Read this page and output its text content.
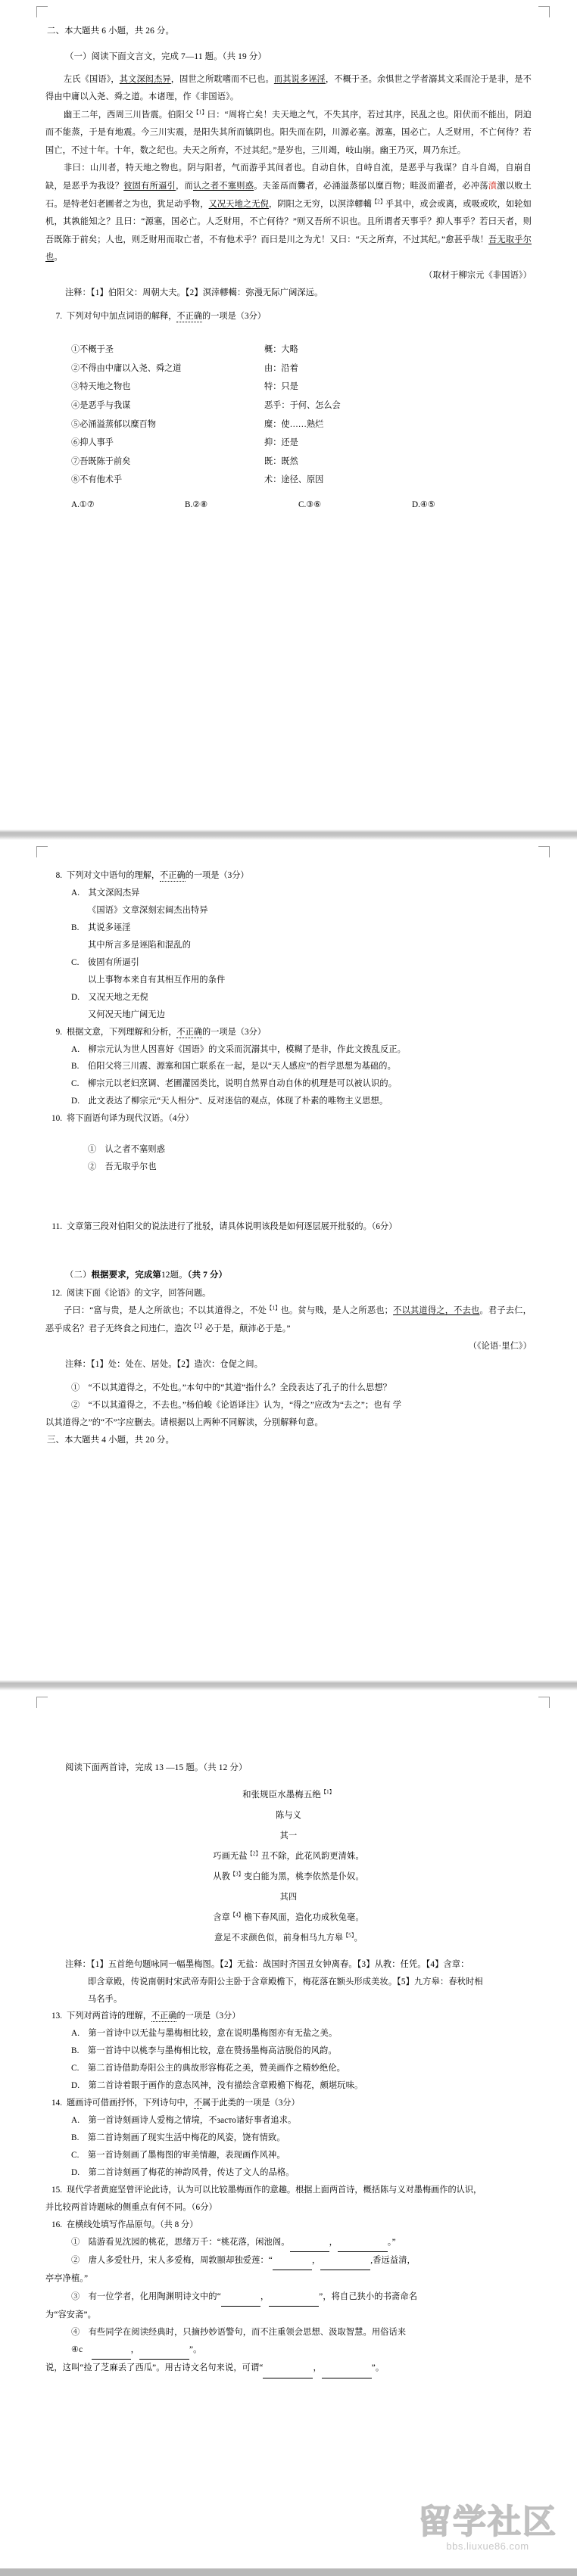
二、本大题共 6 小题，共 26 分。

（一）阅读下面文言文，完成 7—11 题。（共 19 分）

左氏《国语》，其文深闳杰异，固世之所耽嗜而不已也。而其说多诬淫，不概于圣。余惧世之学者溺其文采而沦于是非，是不得由中庸以入尧、舜之道。本诸理，作《非国语》。

幽王二年，西周三川皆震。伯阳父$^{【1】}$曰：“周将亡矣！夫天地之气，不失其序，若过其序，民乱之也。阳伏而不能出，阴迫而不能蒸，于是有地震。今三川实震，是阳失其所而镇阴也。阳失而在阴，川源必塞。源塞，国必亡。人乏财用，不亡何待？若国亡，不过十年。十年，数之纪也。夫天之所弃，不过其纪。”是岁也，三川竭，岐山崩。幽王乃灭，周乃东迁。

非曰：山川者，特天地之物也。阴与阳者，气而游乎其间者也。自动自休，自峙自流，是恶乎与我谋？自斗自竭，自崩自缺，是恶乎为我设？彼固有所逼引，而认之者不塞则惑。夫釜鬲而爨者，必涌溢蒸郁以糜百物；畦汲而灌者，必冲荡濆激以败土石。是特老妇老圃者之为也，犹足动乎物，又况天地之无倪，阴阳之无穷，以溟涬轇轕$^{【2】}$乎其中，或会或离，或吸或吹，如轮如机，其孰能知之？且曰：“源塞，国必亡。人乏财用，不亡何待？”则又吾所不识也。且所谓者天事乎？抑人事乎？若曰天者，则吾既陈于前矣；人也，则乏财用而取亡者，不有他术乎？而曰是川之为尤！又曰：“天之所弃，不过其纪。”愈甚乎哉！吾无取乎尔也。

（取材于柳宗元《非国语》）

注释：【1】伯阳父：周朝大夫。【2】溟涬轇轕：弥漫无际广阔深远。

7. 下列对句中加点词语的解释，不正确的一项是（3分）
①不概于圣	概：大略
②不得由中庸以入尧、舜之道	由：沿着
③特天地之物也	特：只是
④是恶乎与我谋	恶乎：于何、怎么会
⑤必涌溢蒸郁以糜百物	糜：使……熟烂
⑥抑人事乎	抑：还是
⑦吾既陈于前矣	既：既然
⑧不有他术乎	术：途径、原因
A.①⑦	B.②⑧	C.③⑥	D.④⑤
8. 下列对文中语句的理解，不正确的一项是（3分）

A.　其文深闳杰异

《国语》文章深刻宏阔杰出特异

B.　其说多诬淫

其中所言多是诬陷和混乱的

C.　彼固有所逼引

以上事物本来自有其相互作用的条件

D.　又况天地之无倪

又何况天地广阔无边

9. 根据文意，下列理解和分析，不正确的一项是（3分）

A.　柳宗元认为世人因喜好《国语》的文采而沉溺其中，模糊了是非，作此文拨乱反正。

B.　伯阳父将三川震、源塞和国亡联系在一起，是以“天人感应”的哲学思想为基础的。

C.　柳宗元以老妇烹调、老圃灌园类比，说明自然界自动自休的机理是可以被认识的。

D.　此文表达了柳宗元“天人相分”、反对迷信的观点，体现了朴素的唯物主义思想。

10. 将下面语句译为现代汉语。（4分）

①　认之者不塞则惑

②　吾无取乎尔也

11. 文章第三段对伯阳父的说法进行了批驳，请具体说明该段是如何逐层展开批驳的。（6分）

（二）根据要求，完成第12题。（共 7 分）

12. 阅读下面《论语》的文字，回答问题。

子曰：“富与贵，是人之所欲也；不以其道得之，不处$^{【1】}$也。贫与贱，是人之所恶也；不以其道得之，不去也。君子去仁，恶乎成名？君子无终食之间违仁，造次$^{【2】}$必于是，颠沛必于是。”

（《论语·里仁》）

注释：【1】处：处在、居处。【2】造次：仓促之间。

①　“不以其道得之，不处也。”本句中的“其道”指什么？全段表达了孔子的什么思想？

②　“不以其道得之，不去也。”杨伯峻《论语译注》认为，“得之”应改为“去之”；也有 学

以其道得之”的“不”字应删去。请根据以上两种不同解读，分别解释句意。

三、本大题共 4 小题，共 20 分。

阅读下面两首诗，完成 13 —15 题。（共 12 分）

和张规臣水墨梅五绝$^{【1】}$

陈与义

其一

巧画无盐$^{【2】}$丑不除，此花风韵更清姝。

从教$^{【3】}$变白能为黑，桃李依然是仆奴。

其四

含章$^{【4】}$檐下春风面，造化功成秋兔毫。

意足不求颜色似，前身相马九方皋$^{【5】}$。

注释：【1】五首绝句题咏同一幅墨梅图。【2】无盐：战国时齐国丑女钟离春。【3】从教：任凭。【4】含章：

即含章殿，传说南朝时宋武帝寿阳公主卧于含章殿檐下，梅花落在额头形成美妆。【5】九方皋：春秋时相

马名手。

13. 下列对两首诗的理解，不正确的一项是（3分）

A.　第一首诗中以无盐与墨梅相比较，意在说明墨梅图亦有无盐之美。

B.　第一首诗中以桃李与墨梅相比较，意在赞扬墨梅高洁脱俗的风韵。

C.　第二首诗借助寿阳公主的典故形容梅花之美，赞美画作之精妙绝伦。

D.　第二首诗着眼于画作的意态风神，没有描绘含章殿檐下梅花，颇堪玩味。

14. 题画诗可借画抒怀，下列诗句中，不属于此类的一项是（3分）

A.　第一首诗刻画诗人爱梅之情境，不засто诸好事者追求。

B.　第二首诗刻画了现实生活中梅花的风姿，饶有情致。

C.　第一首诗刻画了墨梅图的审美情趣，表现画作风神。

D.　第二首诗刻画了梅花的神韵风骨，传达了文人的品格。

15. 现代学者黄庭坚曾评论此诗，认为可以比较墨梅画作的意趣。根据上面两首诗，概括陈与义对墨梅画作的认识，

并比较两首诗题咏的侧重点有何不同。（6分）

16. 在横线处填写作品原句。（共 8 分）

①　陆游看见沈园的桃花，思绪万千：“桃花落，闲池阁。	，	。”

②　唐人多爱牡丹，宋人多爱梅，周敦颐却独爱莲：“	，	,香远益清，

亭亭净植。”

③　有一位学者，化用陶渊明诗文中的“	，	”，将自己狭小的书斋命名

为“容安斋”。

④　有些同学在阅读经典时，只摘抄妙语警句，而不注重领会思想、汲取智慧。用俗话来

④c　	，	”。

说，这叫“捡了芝麻丢了西瓜”。用古诗文名句来说，可谓“	，	”。

留学社区
bbs.liuxue86.com
